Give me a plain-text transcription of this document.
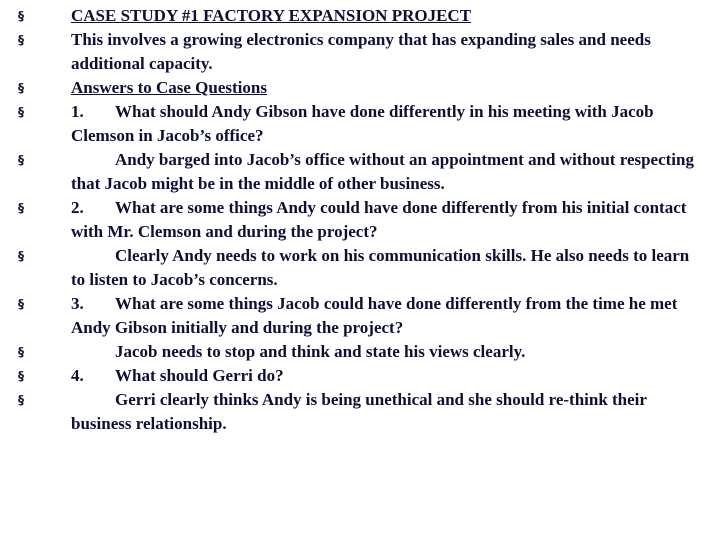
§	CASE STUDY #1 FACTORY EXPANSION PROJECT
§	This involves a growing electronics company that has expanding sales and needs additional capacity.
§	Answers to Case Questions
§	1. What should Andy Gibson have done differently in his meeting with Jacob Clemson in Jacob’s office?
§	Andy barged into Jacob’s office without an appointment and without respecting that Jacob might be in the middle of other business.
§	2. What are some things Andy could have done differently from his initial contact with Mr. Clemson and during the project?
§	Clearly Andy needs to work on his communication skills. He also needs to learn to listen to Jacob’s concerns.
§	3. What are some things Jacob could have done differently from the time he met Andy Gibson initially and during the project?
§	Jacob needs to stop and think and state his views clearly.
§	4. What should Gerri do?
§	Gerri clearly thinks Andy is being unethical and she should re-think their business relationship.
